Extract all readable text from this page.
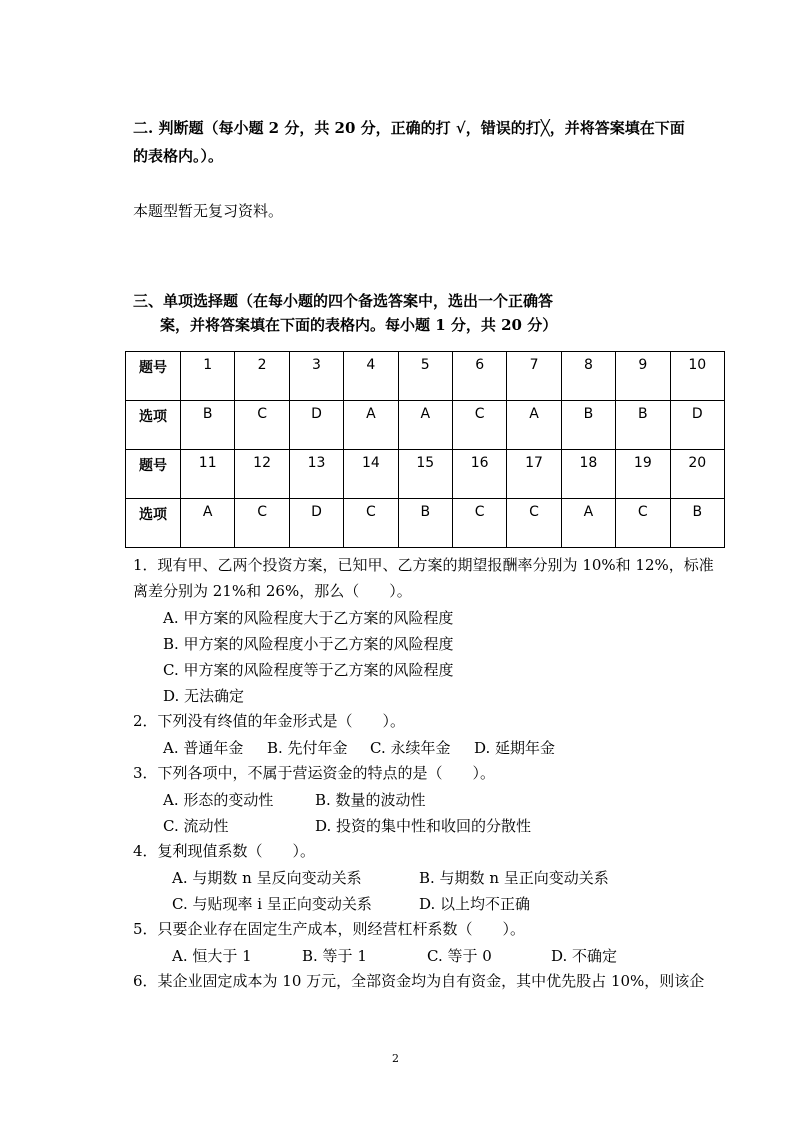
二. 判断题（每小题 2 分，共 20 分，正确的打 √，错误的打╳，并将答案填在下面
的表格内。）。
本题型暂无复习资料。
三、单项选择题（在每小题的四个备选答案中，选出一个正确答
案，并将答案填在下面的表格内。每小题 1 分，共 20 分）
题号	1	2	3	4	5	6	7	8	9	10
选项	B	C	D	A	A	C	A	B	B	D
题号	11	12	13	14	15	16	17	18	19	20
选项	A	C	D	C	B	C	C	A	C	B
1．现有甲、乙两个投资方案，已知甲、乙方案的期望报酬率分别为 10%和 12%，标准
离差分别为 21%和 26%，那么（　　）。
A. 甲方案的风险程度大于乙方案的风险程度
B. 甲方案的风险程度小于乙方案的风险程度
C. 甲方案的风险程度等于乙方案的风险程度
D. 无法确定
2．下列没有终值的年金形式是（　　）。
A. 普通年金 B. 先付年金 C. 永续年金 D. 延期年金
3．下列各项中，不属于营运资金的特点的是（　　）。
A. 形态的变动性	B. 数量的波动性
C. 流动性	D. 投资的集中性和收回的分散性
4．复利现值系数（　　）。
A. 与期数 n 呈反向变动关系	B. 与期数 n 呈正向变动关系
C. 与贴现率 i 呈正向变动关系	D. 以上均不正确
5．只要企业存在固定生产成本，则经营杠杆系数（　　）。
A. 恒大于 1	B. 等于 1	C. 等于 0	D. 不确定
6．某企业固定成本为 10 万元，全部资金均为自有资金，其中优先股占 10%，则该企
2
